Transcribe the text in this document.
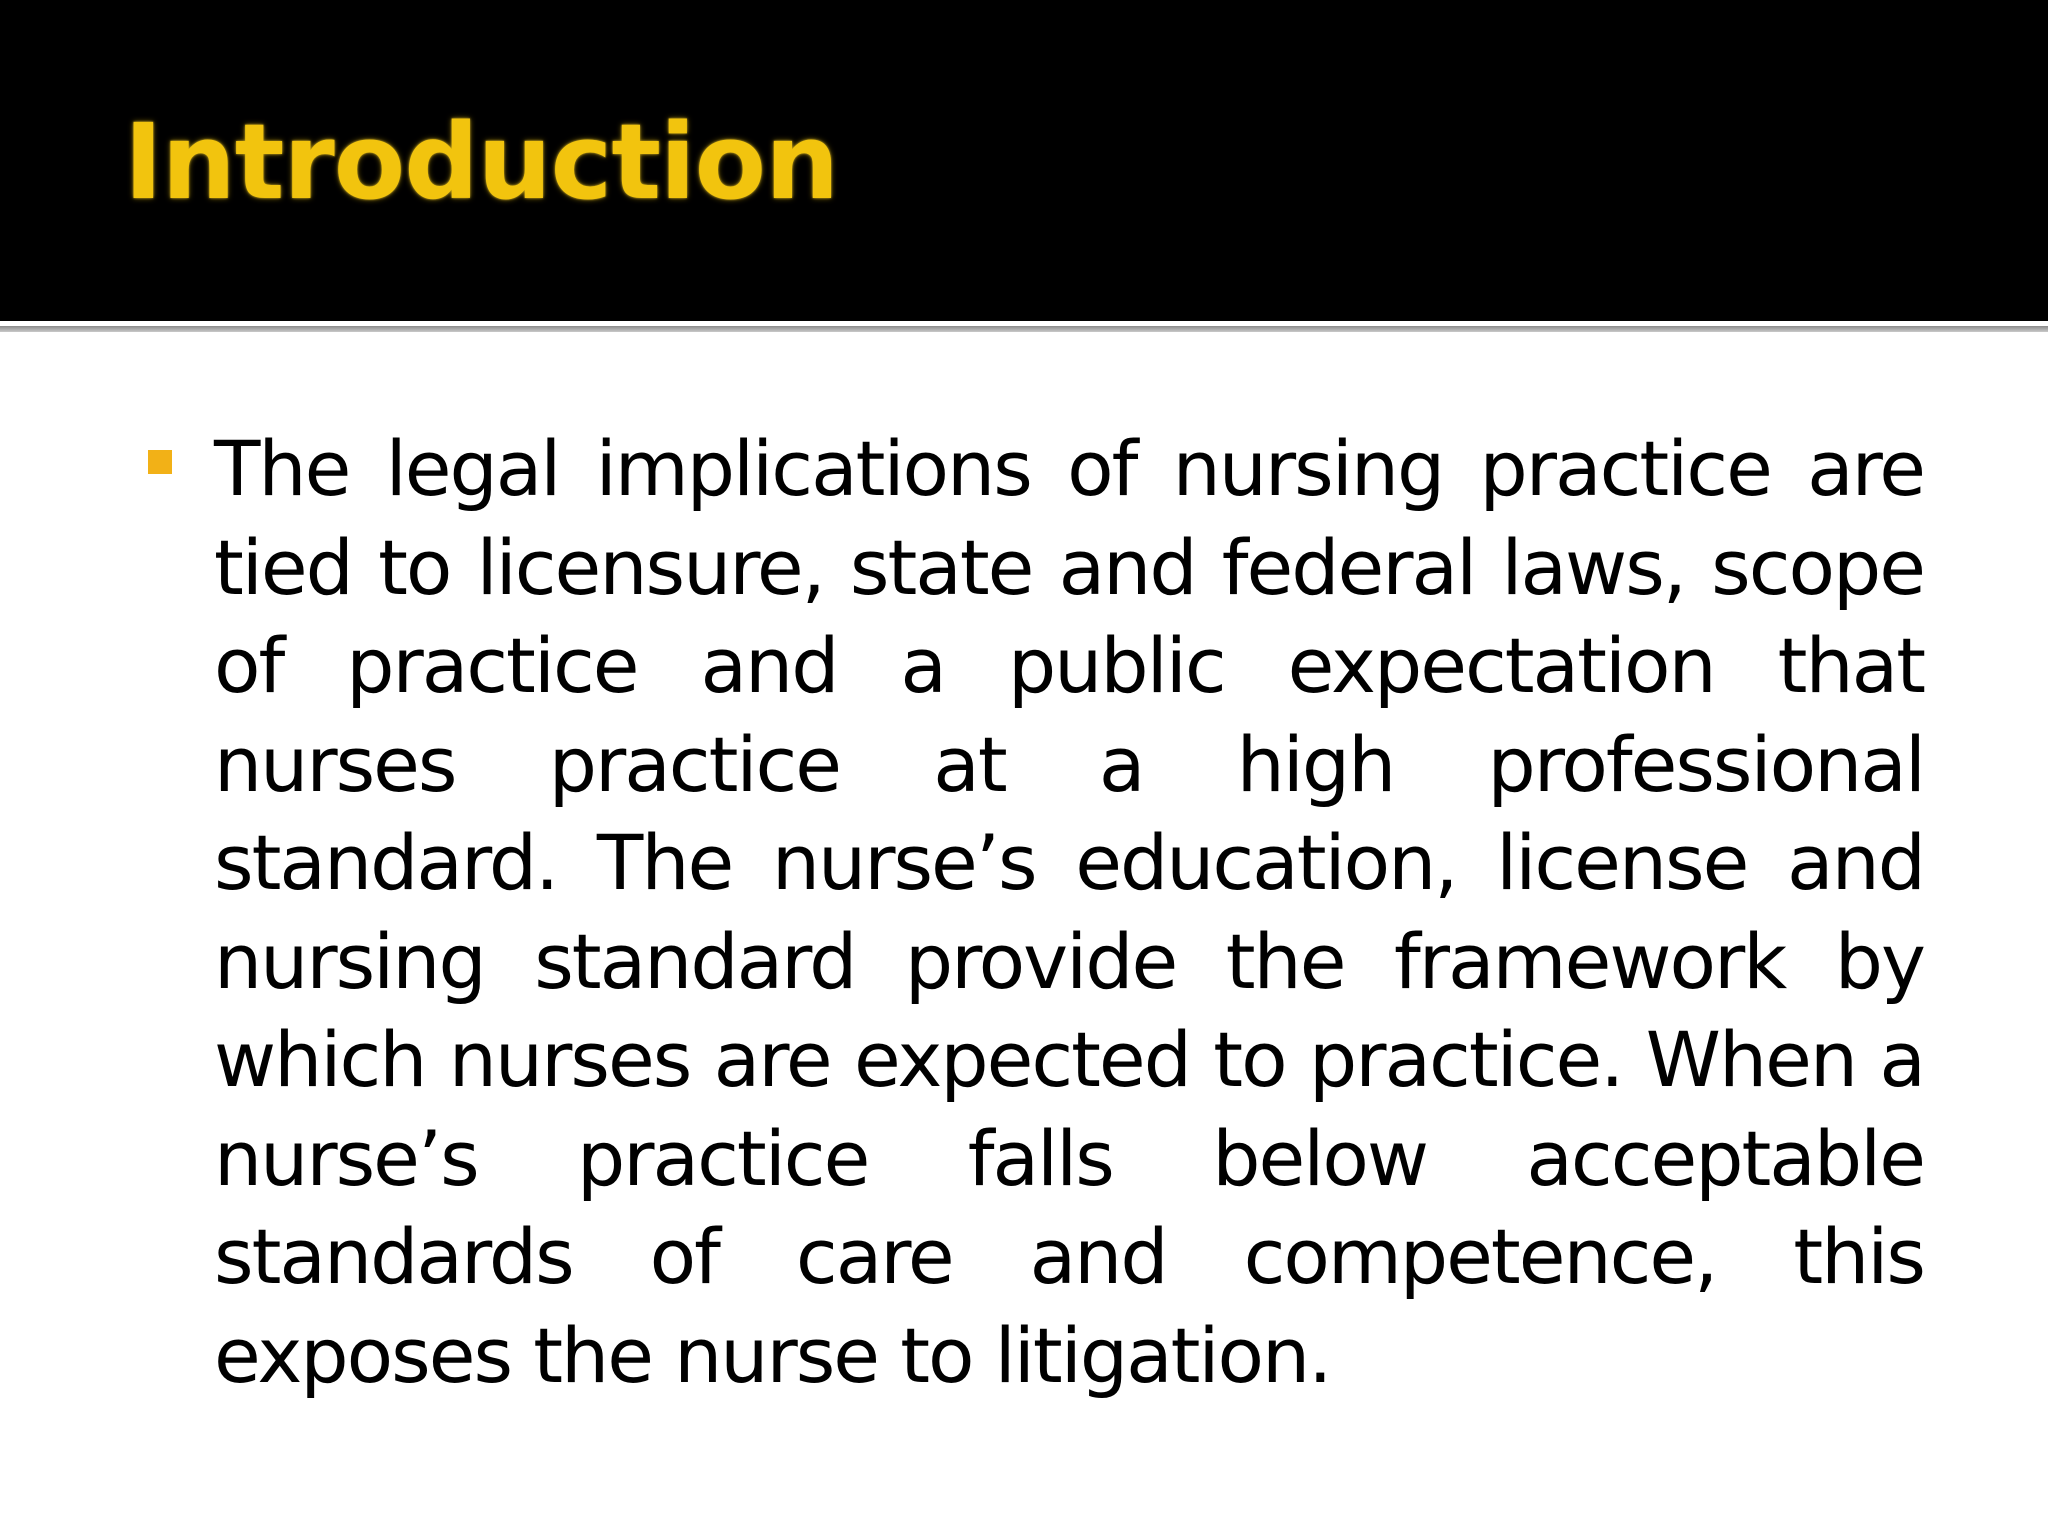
Introduction

The legal implications of nursing practice are tied to licensure, state and federal laws, scope of practice and a public expectation that nurses practice at a high professional standard. The nurse’s education, license and nursing standard provide the framework by which nurses are expected to practice. When a nurse’s practice falls below acceptable standards of care and competence, this exposes the nurse to litigation.
